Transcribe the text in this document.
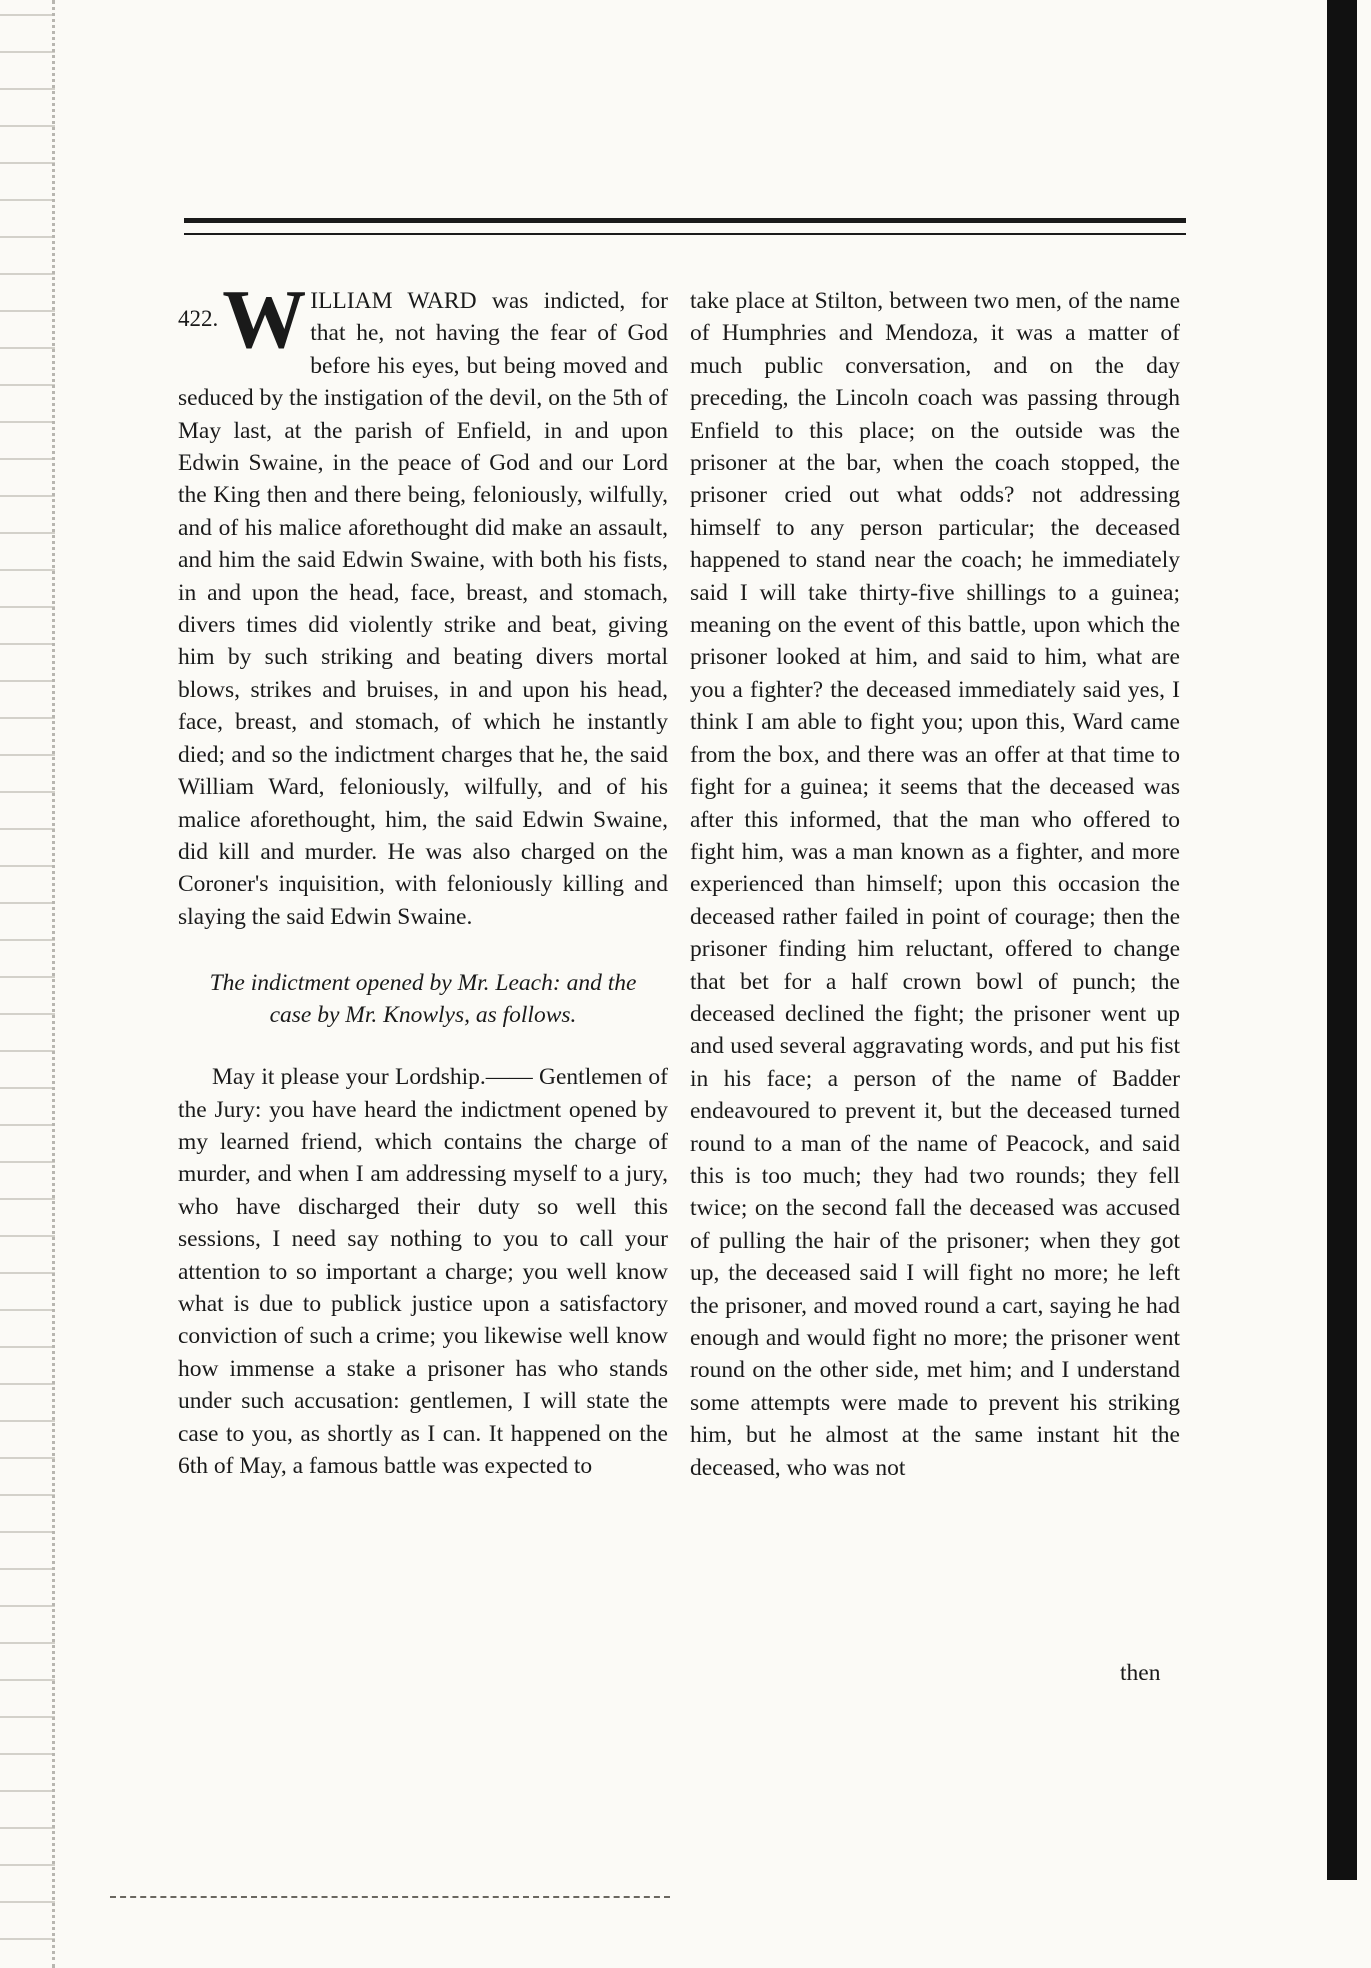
422. W ILLIAM WARD was indicted, for that he, not having the fear of God before his eyes, but being moved and seduced by the instigation of the devil, on the 5th of May last, at the parish of Enfield, in and upon Edwin Swaine, in the peace of God and our Lord the King then and there being, feloniously, wilfully, and of his malice aforethought did make an assault, and him the said Edwin Swaine, with both his fists, in and upon the head, face, breast, and stomach, divers times did violently strike and beat, giving him by such striking and beating divers mortal blows, strikes and bruises, in and upon his head, face, breast, and stomach, of which he instantly died; and so the indictment charges that he, the said William Ward, feloniously, wilfully, and of his malice aforethought, him, the said Edwin Swaine, did kill and murder. He was also charged on the Coroner's inquisition, with feloniously killing and slaying the said Edwin Swaine.

The indictment opened by Mr. Leach: and the case by Mr. Knowlys, as follows.

May it please your Lordship.—— Gentlemen of the Jury: you have heard the indictment opened by my learned friend, which contains the charge of murder, and when I am addressing myself to a jury, who have discharged their duty so well this sessions, I need say nothing to you to call your attention to so important a charge; you well know what is due to publick justice upon a satisfactory conviction of such a crime; you likewise well know how immense a stake a prisoner has who stands under such accusation: gentlemen, I will state the case to you, as shortly as I can. It happened on the 6th of May, a famous battle was expected to

take place at Stilton, between two men, of the name of Humphries and Mendoza, it was a matter of much public conversation, and on the day preceding, the Lincoln coach was passing through Enfield to this place; on the outside was the prisoner at the bar, when the coach stopped, the prisoner cried out what odds? not addressing himself to any person particular; the deceased happened to stand near the coach; he immediately said I will take thirty-five shillings to a guinea; meaning on the event of this battle, upon which the prisoner looked at him, and said to him, what are you a fighter? the deceased immediately said yes, I think I am able to fight you; upon this, Ward came from the box, and there was an offer at that time to fight for a guinea; it seems that the deceased was after this informed, that the man who offered to fight him, was a man known as a fighter, and more experienced than himself; upon this occasion the deceased rather failed in point of courage; then the prisoner finding him reluctant, offered to change that bet for a half crown bowl of punch; the deceased declined the fight; the prisoner went up and used several aggravating words, and put his fist in his face; a person of the name of Badder endeavoured to prevent it, but the deceased turned round to a man of the name of Peacock, and said this is too much; they had two rounds; they fell twice; on the second fall the deceased was accused of pulling the hair of the prisoner; when they got up, the deceased said I will fight no more; he left the prisoner, and moved round a cart, saying he had enough and would fight no more; the prisoner went round on the other side, met him; and I understand some attempts were made to prevent his striking him, but he almost at the same instant hit the deceased, who was not

then
